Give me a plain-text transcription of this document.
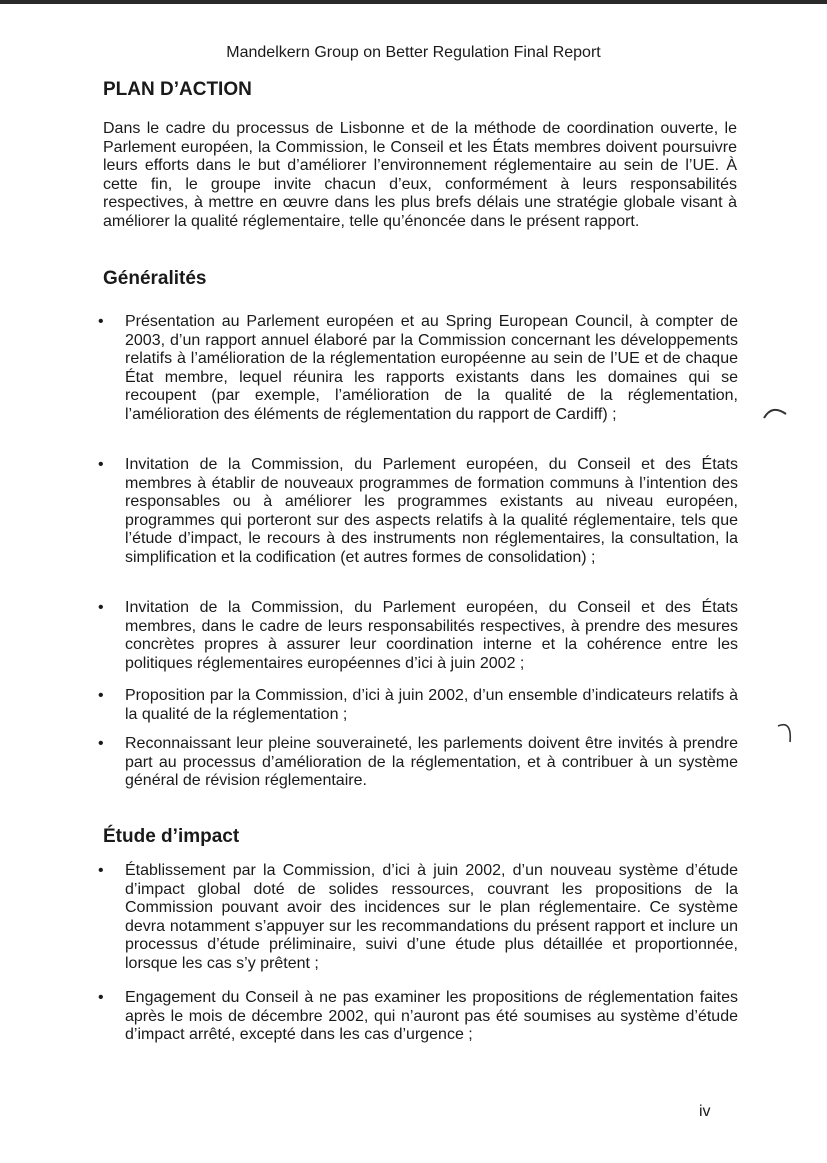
Mandelkern Group on Better Regulation Final Report
PLAN D’ACTION

Dans le cadre du processus de Lisbonne et de la méthode de coordination ouverte, le Parlement européen, la Commission, le Conseil et les États membres doivent poursuivre leurs efforts dans le but d’améliorer l’environnement réglementaire au sein de l’UE. À cette fin, le groupe invite chacun d’eux, conformément à leurs responsabilités respectives, à mettre en œuvre dans les plus brefs délais une stratégie globale visant à améliorer la qualité réglementaire, telle qu’énoncée dans le présent rapport.

Généralités
• Présentation au Parlement européen et au Spring European Council, à compter de 2003, d’un rapport annuel élaboré par la Commission concernant les développements relatifs à l’amélioration de la réglementation européenne au sein de l’UE et de chaque État membre, lequel réunira les rapports existants dans les domaines qui se recoupent (par exemple, l’amélioration de la qualité de la réglementation, l’amélioration des éléments de réglementation du rapport de Cardiff) ;
• Invitation de la Commission, du Parlement européen, du Conseil et des États membres à établir de nouveaux programmes de formation communs à l’intention des responsables ou à améliorer les programmes existants au niveau européen, programmes qui porteront sur des aspects relatifs à la qualité réglementaire, tels que l’étude d’impact, le recours à des instruments non réglementaires, la consultation, la simplification et la codification (et autres formes de consolidation) ;
• Invitation de la Commission, du Parlement européen, du Conseil et des États membres, dans le cadre de leurs responsabilités respectives, à prendre des mesures concrètes propres à assurer leur coordination interne et la cohérence entre les politiques réglementaires européennes d’ici à juin 2002 ;
• Proposition par la Commission, d’ici à juin 2002, d’un ensemble d’indicateurs relatifs à la qualité de la réglementation ;
• Reconnaissant leur pleine souveraineté, les parlements doivent être invités à prendre part au processus d’amélioration de la réglementation, et à contribuer à un système général de révision réglementaire.
Étude d’impact
• Établissement par la Commission, d’ici à juin 2002, d’un nouveau système d’étude d’impact global doté de solides ressources, couvrant les propositions de la Commission pouvant avoir des incidences sur le plan réglementaire. Ce système devra notamment s’appuyer sur les recommandations du présent rapport et inclure un processus d’étude préliminaire, suivi d’une étude plus détaillée et proportionnée, lorsque les cas s’y prêtent ;
• Engagement du Conseil à ne pas examiner les propositions de réglementation faites après le mois de décembre 2002, qui n’auront pas été soumises au système d’étude d’impact arrêté, excepté dans les cas d’urgence ;
iv
